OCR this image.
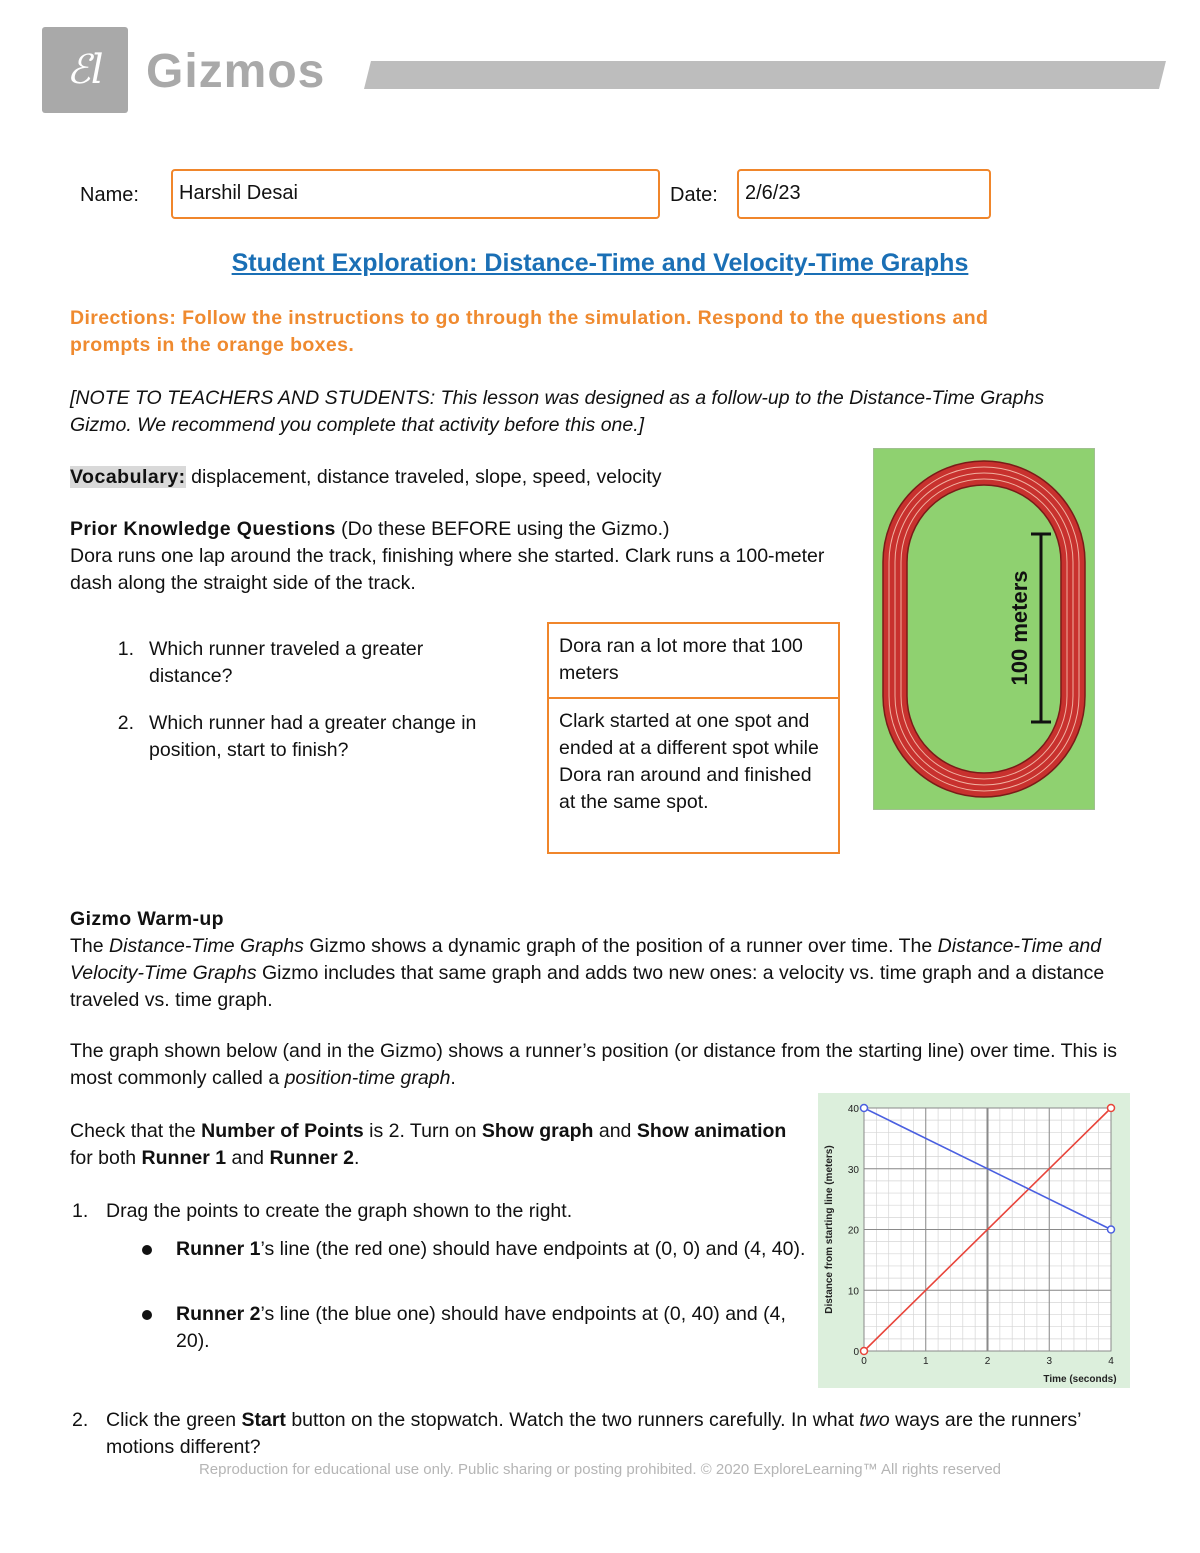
ℰl Gizmos
Name:	Harshil Desai	Date:	2/6/23
Student Exploration: Distance-Time and Velocity-Time Graphs
Directions: Follow the instructions to go through the simulation. Respond to the questions and prompts in the orange boxes.
[NOTE TO TEACHERS AND STUDENTS: This lesson was designed as a follow-up to the Distance-Time Graphs Gizmo. We recommend you complete that activity before this one.]
Vocabulary: displacement, distance traveled, slope, speed, velocity
Prior Knowledge Questions (Do these BEFORE using the Gizmo.)
Dora runs one lap around the track, finishing where she started. Clark runs a 100-meter dash along the straight side of the track.
1. Which runner traveled a greater distance?
Dora ran a lot more that 100 meters
2. Which runner had a greater change in position, start to finish?
Clark started at one spot and ended at a different spot while Dora ran around and finished at the same spot.
100 meters
Gizmo Warm-up
The Distance-Time Graphs Gizmo shows a dynamic graph of the position of a runner over time. The Distance-Time and Velocity-Time Graphs Gizmo includes that same graph and adds two new ones: a velocity vs. time graph and a distance traveled vs. time graph.
The graph shown below (and in the Gizmo) shows a runner’s position (or distance from the starting line) over time. This is most commonly called a position-time graph.
Check that the Number of Points is 2. Turn on Show graph and Show animation for both Runner 1 and Runner 2.
1. Drag the points to create the graph shown to the right.
Runner 1’s line (the red one) should have endpoints at (0, 0) and (4, 40).
Runner 2’s line (the blue one) should have endpoints at (0, 40) and (4, 20).
0	1	2	3	4
0
10
20
30
40
Time (seconds)
Distance from starting line (meters)
2. Click the green Start button on the stopwatch. Watch the two runners carefully. In what two ways are the runners’ motions different?
Reproduction for educational use only. Public sharing or posting prohibited. © 2020 ExploreLearning™ All rights reserved
